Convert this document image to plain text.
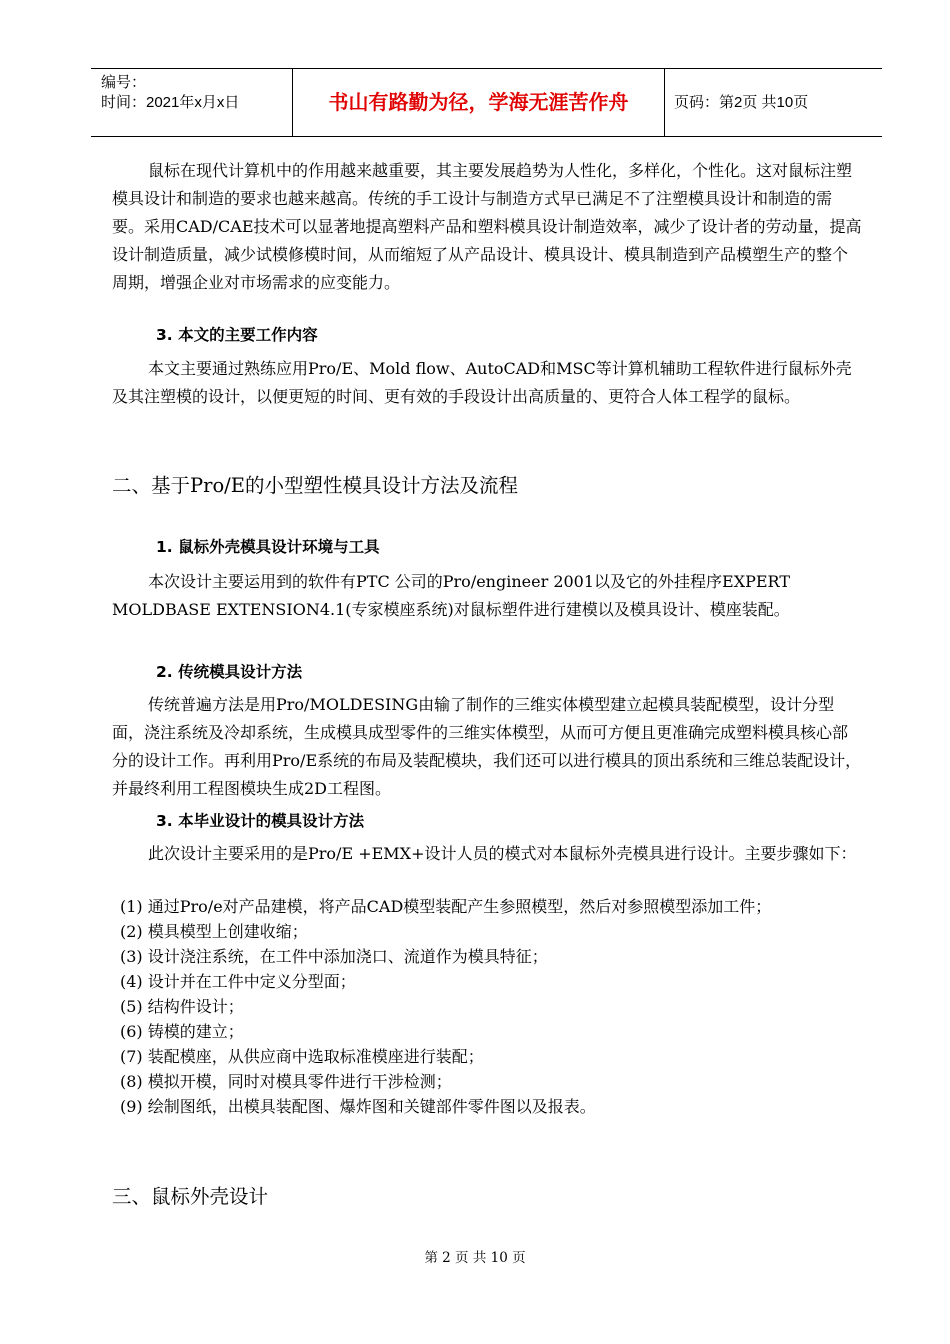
编号：
时间：2021年x月x日	书山有路勤为径，学海无涯苦作舟	页码：第2页 共10页

鼠标在现代计算机中的作用越来越重要，其主要发展趋势为人性化，多样化，个性化。这对鼠标注塑模具设计和制造的要求也越来越高。传统的手工设计与制造方式早已满足不了注塑模具设计和制造的需要。采用CAD/CAE技术可以显著地提高塑料产品和塑料模具设计制造效率，减少了设计者的劳动量，提高设计制造质量，减少试模修模时间，从而缩短了从产品设计、模具设计、模具制造到产品模塑生产的整个周期，增强企业对市场需求的应变能力。

3. 本文的主要工作内容

本文主要通过熟练应用Pro/E、Mold flow、AutoCAD和MSC等计算机辅助工程软件进行鼠标外壳及其注塑模的设计，以便更短的时间、更有效的手段设计出高质量的、更符合人体工程学的鼠标。

二、基于Pro/E的小型塑性模具设计方法及流程
1. 鼠标外壳模具设计环境与工具

本次设计主要运用到的软件有PTC 公司的Pro/engineer 2001以及它的外挂程序EXPERT MOLDBASE EXTENSION4.1(专家模座系统)对鼠标塑件进行建模以及模具设计、模座装配。

2. 传统模具设计方法

传统普遍方法是用Pro/MOLDESING由输了制作的三维实体模型建立起模具装配模型，设计分型面，浇注系统及冷却系统，生成模具成型零件的三维实体模型，从而可方便且更准确完成塑料模具核心部分的设计工作。再利用Pro/E系统的布局及装配模块，我们还可以进行模具的顶出系统和三维总装配设计，并最终利用工程图模块生成2D工程图。

3. 本毕业设计的模具设计方法

此次设计主要采用的是Pro/E +EMX+设计人员的模式对本鼠标外壳模具进行设计。主要步骤如下：

(1) 通过Pro/e对产品建模，将产品CAD模型装配产生参照模型，然后对参照模型添加工件；
(2) 模具模型上创建收缩；
(3) 设计浇注系统，在工件中添加浇口、流道作为模具特征；
(4) 设计并在工件中定义分型面；
(5) 结构件设计；
(6) 铸模的建立；
(7) 装配模座，从供应商中选取标准模座进行装配；
(8) 模拟开模，同时对模具零件进行干涉检测；
(9) 绘制图纸，出模具装配图、爆炸图和关键部件零件图以及报表。
三、鼠标外壳设计
第 2 页 共 10 页
